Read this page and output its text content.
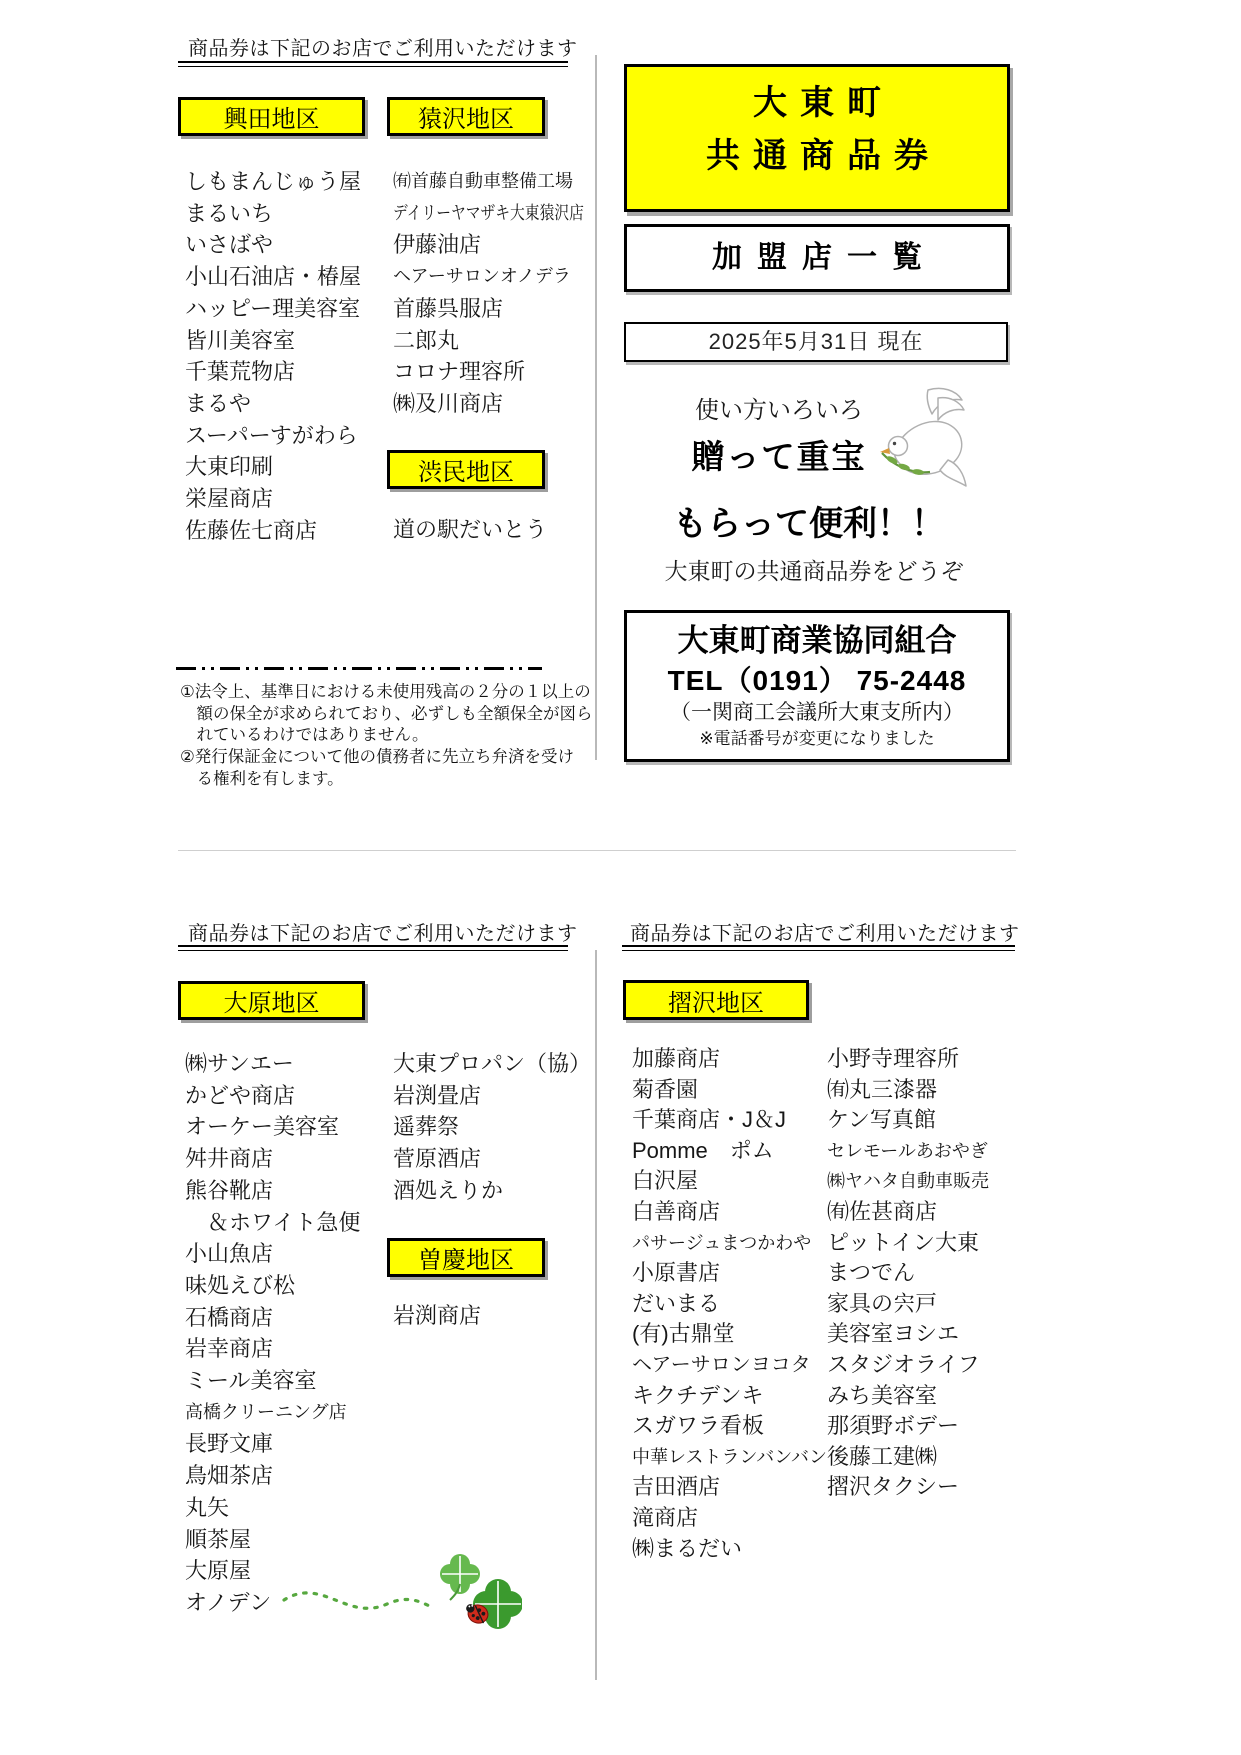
商品券は下記のお店でご利用いただけます
興田地区	猿沢地区
しもまんじゅう屋
まるいち
いさばや
小山石油店・椿屋
ハッピー理美容室
皆川美容室
千葉荒物店
まるや
スーパーすがわら
大東印刷
栄屋商店
佐藤佐七商店
㈲首藤自動車整備工場
デイリーヤマザキ大東猿沢店
伊藤油店
ヘアーサロンオノデラ
首藤呉服店
二郎丸
コロナ理容所
㈱及川商店
渋民地区
道の駅だいとう
①法令上、基準日における未使用残高の２分の１以上の
　額の保全が求められており、必ずしも全額保全が図ら
　れているわけではありません。
②発行保証金について他の債務者に先立ち弁済を受け
　る権利を有します。
大東町
共通商品券
加盟店一覧
2025年5月31日 現在
使い方いろいろ
贈って重宝
もらって便利！！
大東町の共通商品券をどうぞ
大東町商業協同組合
TEL（0191） 75-2448
（一関商工会議所大東支所内）
※電話番号が変更になりました
商品券は下記のお店でご利用いただけます
大原地区
㈱サンエー
かどや商店
オーケー美容室
舛井商店
熊谷靴店
　＆ホワイト急便
小山魚店
味処えび松
石橋商店
岩幸商店
ミール美容室
高橋クリーニング店
長野文庫
鳥畑茶店
丸矢
順茶屋
大原屋
オノデン
大東プロパン（協）
岩渕畳店
遥葬祭
菅原酒店
酒処えりか
曽慶地区
岩渕商店
商品券は下記のお店でご利用いただけます
摺沢地区
加藤商店
菊香園
千葉商店・J＆J
Pomme　ポム
白沢屋
白善商店
パサージュまつかわや
小原書店
だいまる
(有)古鼎堂
ヘアーサロンヨコタ
キクチデンキ
スガワラ看板
中華レストランバンバン
吉田酒店
滝商店
㈱まるだい
小野寺理容所
㈲丸三漆器
ケン写真館
セレモールあおやぎ
㈱ヤハタ自動車販売
㈲佐甚商店
ピットイン大東
まつでん
家具の宍戸
美容室ヨシエ
スタジオライフ
みち美容室
那須野ボデー
後藤工建㈱
摺沢タクシー
